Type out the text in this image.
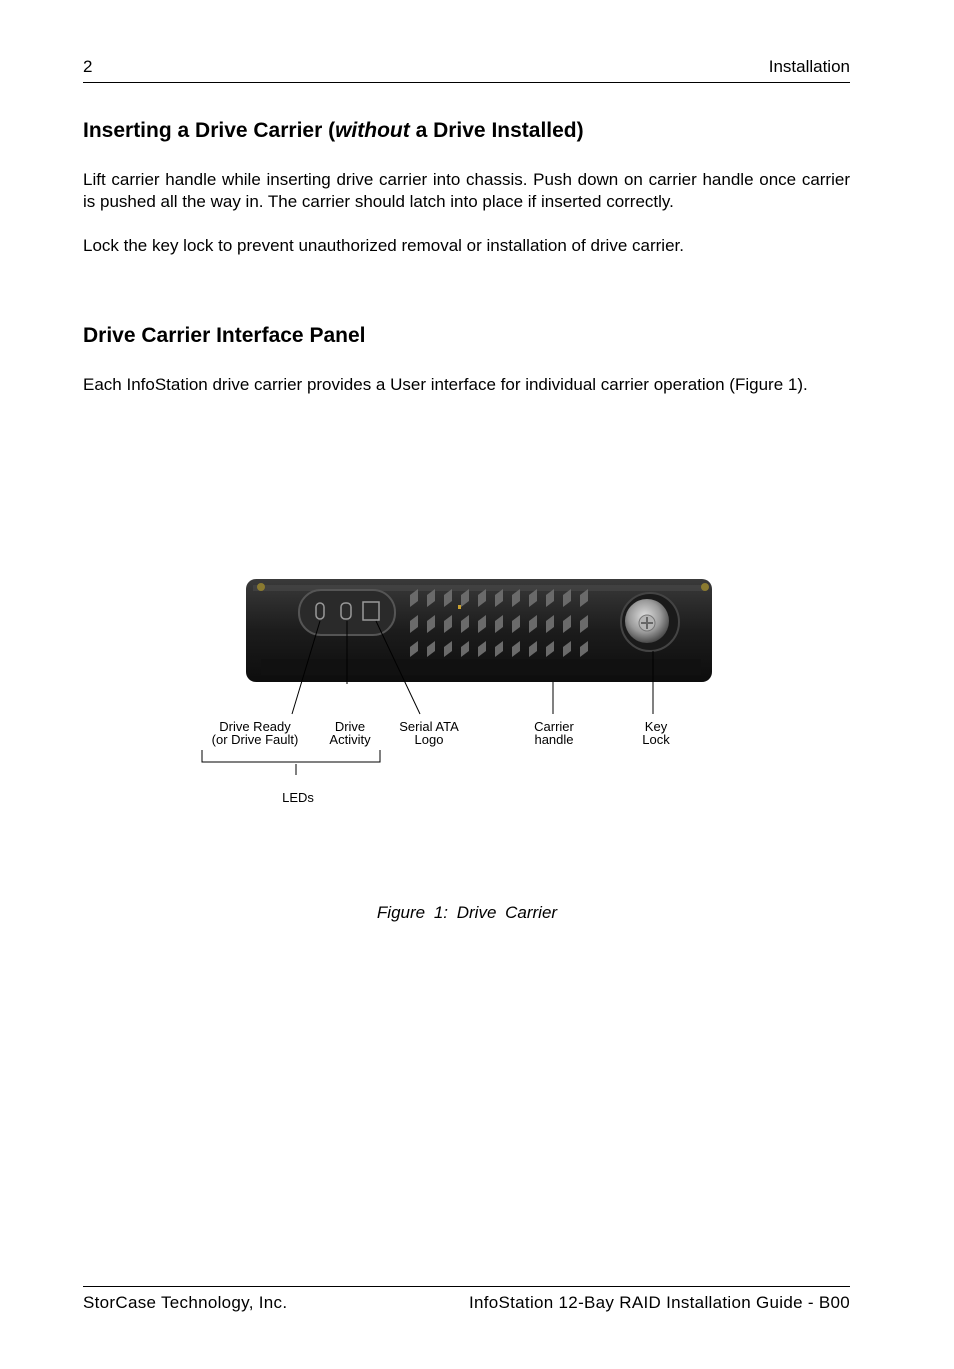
2	Installation
Inserting a Drive Carrier (without a Drive Installed)

Lift carrier handle while inserting drive carrier into chassis. Push down on carrier handle once carrier is pushed all the way in. The carrier should latch into place if inserted correctly.

Lock the key lock to prevent unauthorized removal or installation of drive carrier.

Drive Carrier Interface Panel

Each InfoStation drive carrier provides a User interface for individual carrier operation (Figure 1).

Drive Ready
(or Drive Fault)
Drive
Activity
Serial ATA
Logo
Carrier
handle
Key
Lock
LEDs
Figure 1: Drive Carrier
StorCase Technology, Inc.	InfoStation 12-Bay RAID Installation Guide - B00
